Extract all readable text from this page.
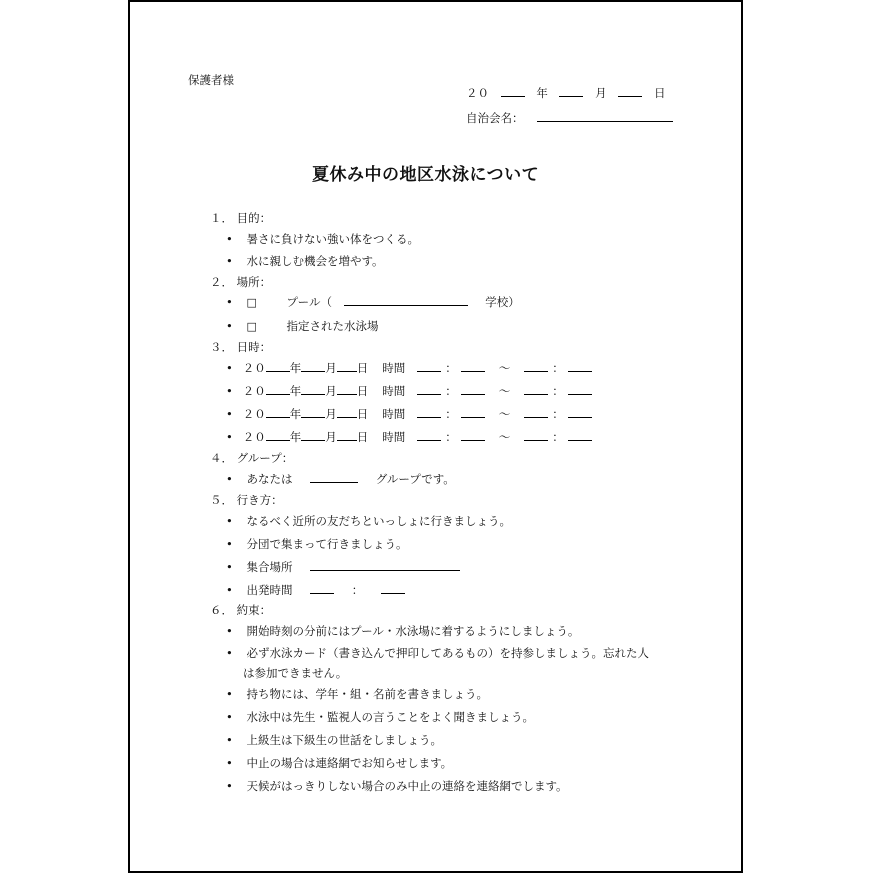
保護者様
２０	年	月	日
自治会名：
夏休み中の地区水泳について
１． 目的：
• 暑さに負けない強い体をつくる。
• 水に親しむ機会を増やす。
２． 場所：
• □	プール（	学校）
• □	指定された水泳場
３． 日時：
• ２０ 年 月 日 時間	：	～	：
• ２０ 年 月 日 時間	：	～	：
• ２０ 年 月 日 時間	：	～	：
• ２０ 年 月 日 時間	：	～	：
４． グループ：
• あなたは	グループです。
５． 行き方：
• なるべく近所の友だちといっしょに行きましょう。
• 分団で集まって行きましょう。
• 集合場所
• 出発時間	：
６． 約束：
• 開始時刻の分前にはプール・水泳場に着するようにしましょう。
• 必ず水泳カード（書き込んで押印してあるもの）を持参しましょう。忘れた人
は参加できません。
• 持ち物には、学年・組・名前を書きましょう。
• 水泳中は先生・監視人の言うことをよく聞きましょう。
• 上級生は下級生の世話をしましょう。
• 中止の場合は連絡網でお知らせします。
• 天候がはっきりしない場合のみ中止の連絡を連絡網でします。
